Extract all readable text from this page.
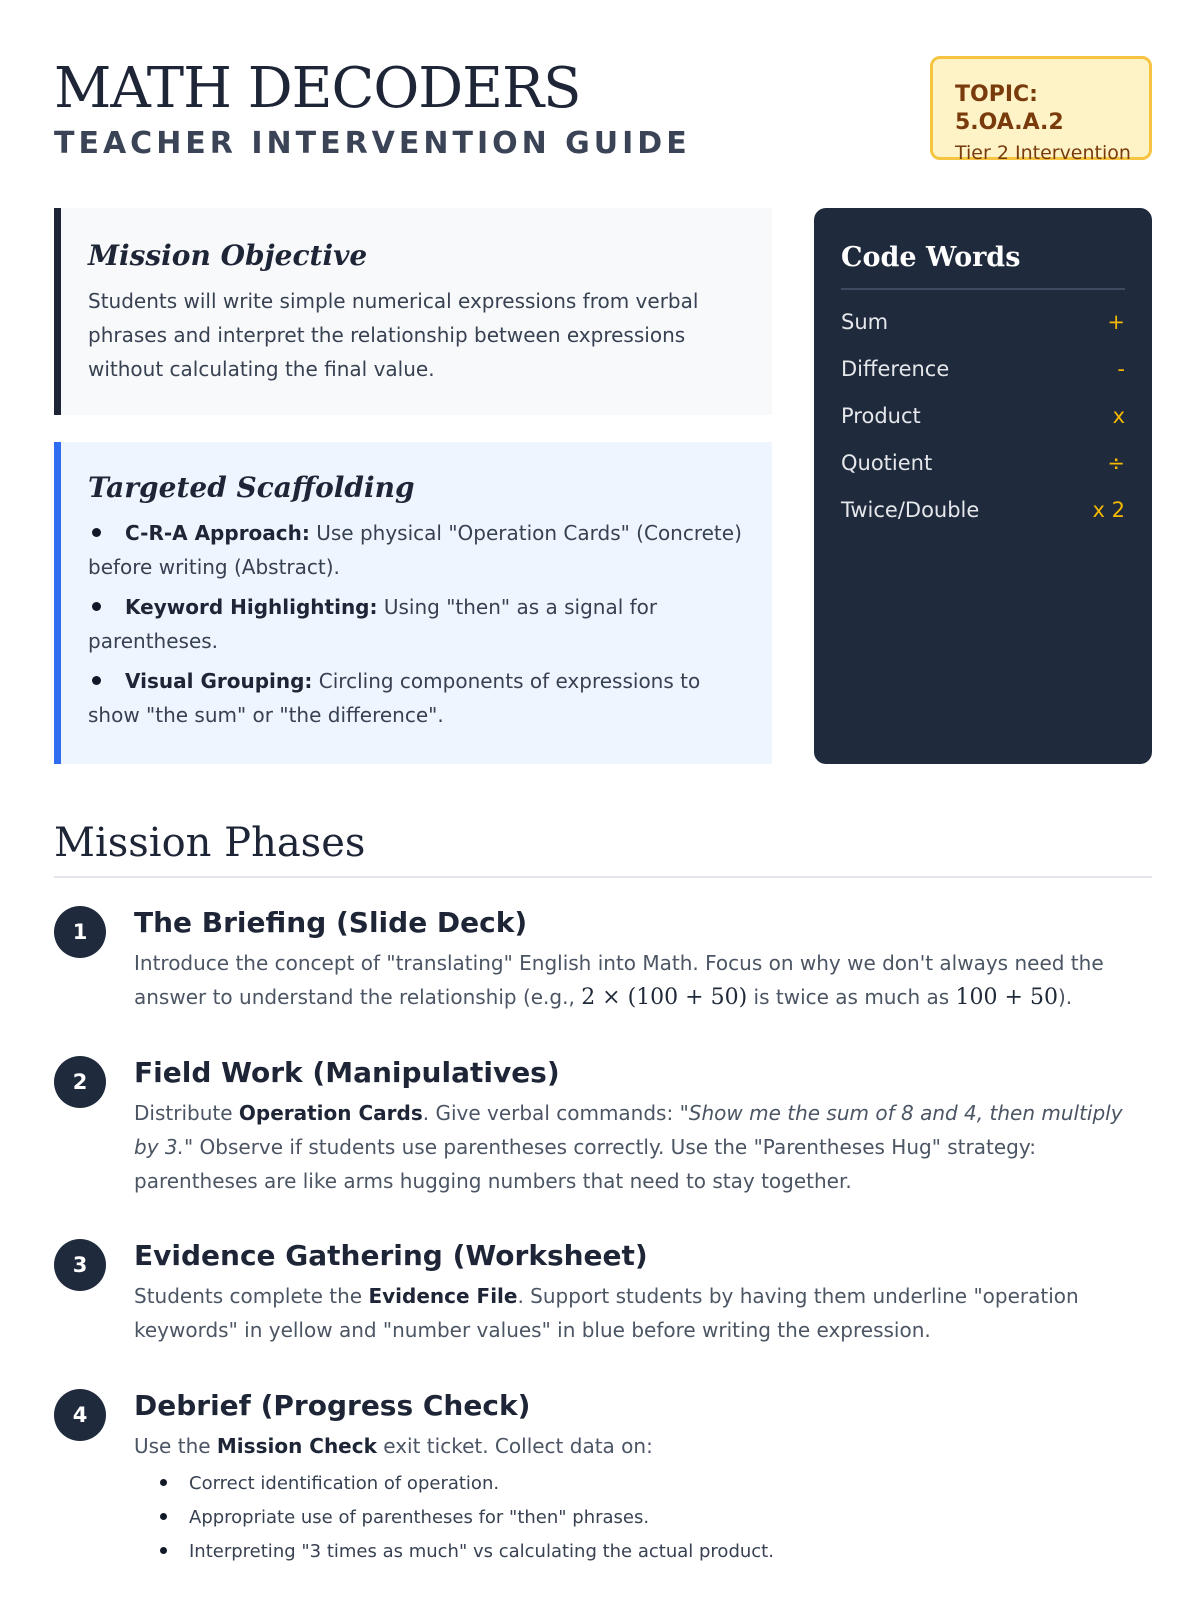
MATH DECODERS
TEACHER INTERVENTION GUIDE
TOPIC: 5.OA.A.2
Tier 2 Intervention
Mission Objective

Students will write simple numerical expressions from verbal phrases and interpret the relationship between expressions without calculating the final value.

Targeted Scaffolding
C-R-A Approach: Use physical "Operation Cards" (Concrete) before writing (Abstract).
Keyword Highlighting: Using "then" as a signal for parentheses.
Visual Grouping: Circling components of expressions to show "the sum" or "the difference".
Code Words
Sum	+
Difference	-
Product	x
Quotient	÷
Twice/Double	x 2
Mission Phases
1	The Briefing (Slide Deck)

Introduce the concept of "translating" English into Math. Focus on why we don't always need the answer to understand the relationship (e.g., 2 × (100 + 50) is twice as much as 100 + 50).

2	Field Work (Manipulatives)

Distribute Operation Cards. Give verbal commands: "Show me the sum of 8 and 4, then multiply by 3." Observe if students use parentheses correctly. Use the "Parentheses Hug" strategy: parentheses are like arms hugging numbers that need to stay together.

3	Evidence Gathering (Worksheet)

Students complete the Evidence File. Support students by having them underline "operation keywords" in yellow and "number values" in blue before writing the expression.

4	Debrief (Progress Check)

Use the Mission Check exit ticket. Collect data on:

Correct identification of operation.
Appropriate use of parentheses for "then" phrases.
Interpreting "3 times as much" vs calculating the actual product.
